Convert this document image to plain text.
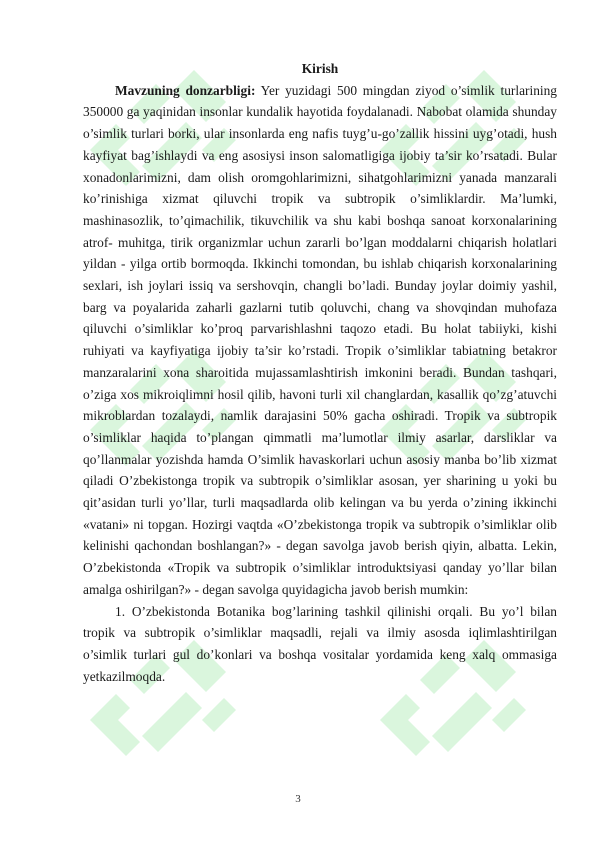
Kirish

Mavzuning donzarbligi: Yer yuzidagi 500 mingdan ziyod o’simlik turlarining 350000 ga yaqinidan insonlar kundalik hayotida foydalanadi. Nabobat olamida shunday o’simlik turlari borki, ular insonlarda eng nafis tuyg’u-go’zallik hissini uyg’otadi, hush kayfiyat bag’ishlaydi va eng asosiysi inson salomatligiga ijobiy ta’sir ko’rsatadi. Bular xonadonlarimizni, dam olish oromgohlarimizni, sihatgohlarimizni yanada manzarali ko’rinishiga xizmat qiluvchi tropik va subtropik o’simliklardir. Ma’lumki, mashinasozlik, to’qimachilik, tikuvchilik va shu kabi boshqa sanoat korxonalarining atrof- muhitga, tirik organizmlar uchun zararli bo’lgan moddalarni chiqarish holatlari yildan - yilga ortib bormoqda. Ikkinchi tomondan, bu ishlab chiqarish korxonalarining sexlari, ish joylari issiq va sershovqin, changli bo’ladi. Bunday joylar doimiy yashil, barg va poyalarida zaharli gazlarni tutib qoluvchi, chang va shovqindan muhofaza qiluvchi o’simliklar ko’proq parvarishlashni taqozo etadi. Bu holat tabiiyki, kishi ruhiyati va kayfiyatiga ijobiy ta’sir ko’rstadi. Tropik o’simliklar tabiatning betakror manzaralarini xona sharoitida mujassamlashtirish imkonini beradi. Bundan tashqari, o’ziga xos mikroiqlimni hosil qilib, havoni turli xil changlardan, kasallik qo’zg’atuvchi mikroblardan tozalaydi, namlik darajasini 50% gacha oshiradi. Tropik va subtropik o’simliklar haqida to’plangan qimmatli ma’lumotlar ilmiy asarlar, darsliklar va qo’llanmalar yozishda hamda O’simlik havaskorlari uchun asosiy manba bo’lib xizmat qiladi O’zbekistonga tropik va subtropik o’simliklar asosan, yer sharining u yoki bu qit’asidan turli yo’llar, turli maqsadlarda olib kelingan va bu yerda o’zining ikkinchi «vatani» ni topgan. Hozirgi vaqtda «O’zbekistonga tropik va subtropik o’simliklar olib kelinishi qachondan boshlangan?» - degan savolga javob berish qiyin, albatta. Lekin, O’zbekistonda «Tropik va subtropik o’simliklar introduktsiyasi qanday yo’llar bilan amalga oshirilgan?» - degan savolga quyidagicha javob berish mumkin:

1. O’zbekistonda Botanika bog’larining tashkil qilinishi orqali. Bu yo’l bilan tropik va subtropik o’simliklar maqsadli, rejali va ilmiy asosda iqlimlashtirilgan o’simlik turlari gul do’konlari va boshqa vositalar yordamida keng xalq ommasiga yetkazilmoqda.

3
